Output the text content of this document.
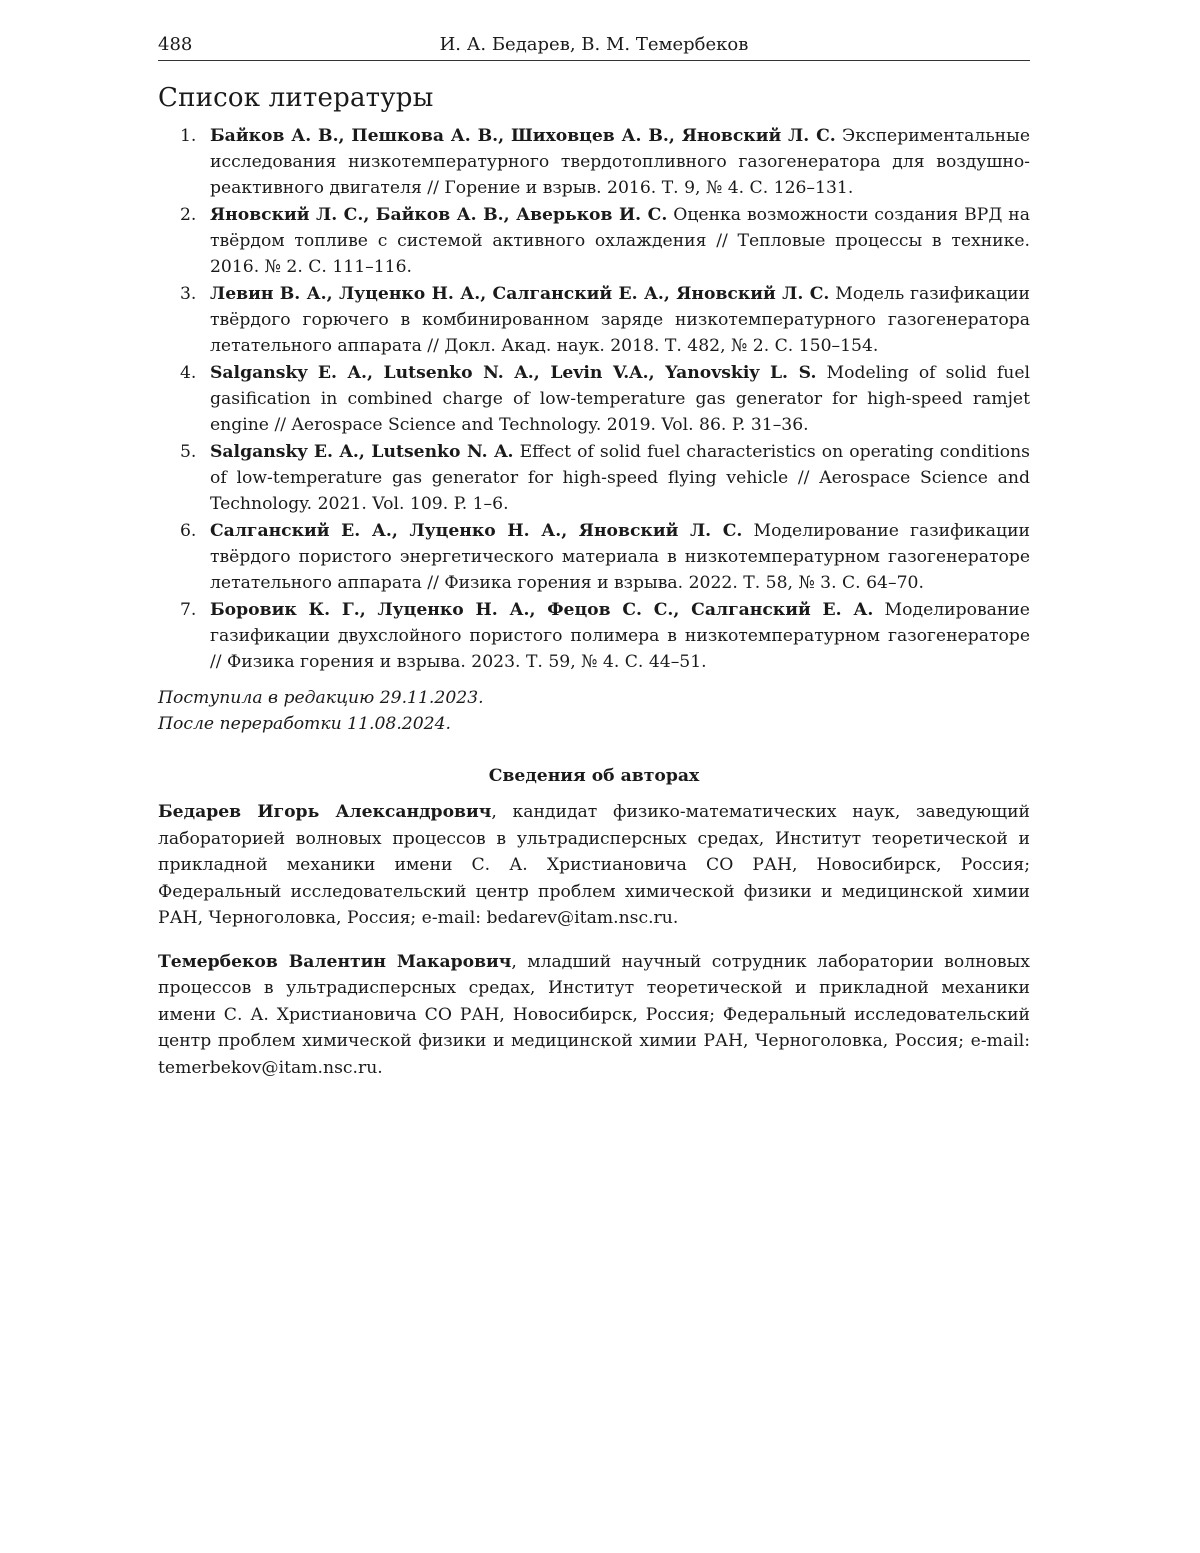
488	И. А. Бедарев, В. М. Темербеков
Список литературы
1. Байков А. В., Пешкова А. В., Шиховцев А. В., Яновский Л. С. Экспериментальные исследования низкотемпературного твердотопливного газогенератора для воздушно-реактивного двигателя // Горение и взрыв. 2016. Т. 9, № 4. С. 126–131.
2. Яновский Л. С., Байков А. В., Аверьков И. С. Оценка возможности создания ВРД на твёрдом топливе с системой активного охлаждения // Тепловые процессы в технике. 2016. № 2. С. 111–116.
3. Левин В. А., Луценко Н. А., Салганский Е. А., Яновский Л. С. Модель газификации твёрдого горючего в комбинированном заряде низкотемпературного газогенератора летательного аппарата // Докл. Акад. наук. 2018. Т. 482, № 2. С. 150–154.
4. Salgansky E. A., Lutsenko N. A., Levin V.A., Yanovskiy L. S. Modeling of solid fuel gasification in combined charge of low-temperature gas generator for high-speed ramjet engine // Aerospace Science and Technology. 2019. Vol. 86. P. 31–36.
5. Salgansky E. A., Lutsenko N. A. Effect of solid fuel characteristics on operating conditions of low-temperature gas generator for high-speed flying vehicle // Aerospace Science and Technology. 2021. Vol. 109. P. 1–6.
6. Салганский Е. А., Луценко Н. А., Яновский Л. С. Моделирование газификации твёрдого пористого энергетического материала в низкотемпературном газогенераторе летательного аппарата // Физика горения и взрыва. 2022. Т. 58, № 3. С. 64–70.
7. Боровик К. Г., Луценко Н. А., Фецов С. С., Салганский Е. А. Моделирование газификации двухслойного пористого полимера в низкотемпературном газогенераторе // Физика горения и взрыва. 2023. Т. 59, № 4. С. 44–51.
Поступила в редакцию 29.11.2023.
После переработки 11.08.2024.
Сведения об авторах

Бедарев Игорь Александрович, кандидат физико-математических наук, заведующий лабораторией волновых процессов в ультрадисперсных средах, Институт теоретической и прикладной механики имени С. А. Христиановича СО РАН, Новосибирск, Россия; Федеральный исследовательский центр проблем химической физики и медицинской химии РАН, Черноголовка, Россия; e-mail: bedarev@itam.nsc.ru.

Темербеков Валентин Макарович, младший научный сотрудник лаборатории волновых процессов в ультрадисперсных средах, Институт теоретической и прикладной механики имени С. А. Христиановича СО РАН, Новосибирск, Россия; Федеральный исследовательский центр проблем химической физики и медицинской химии РАН, Черноголовка, Россия; e-mail: temerbekov@itam.nsc.ru.
